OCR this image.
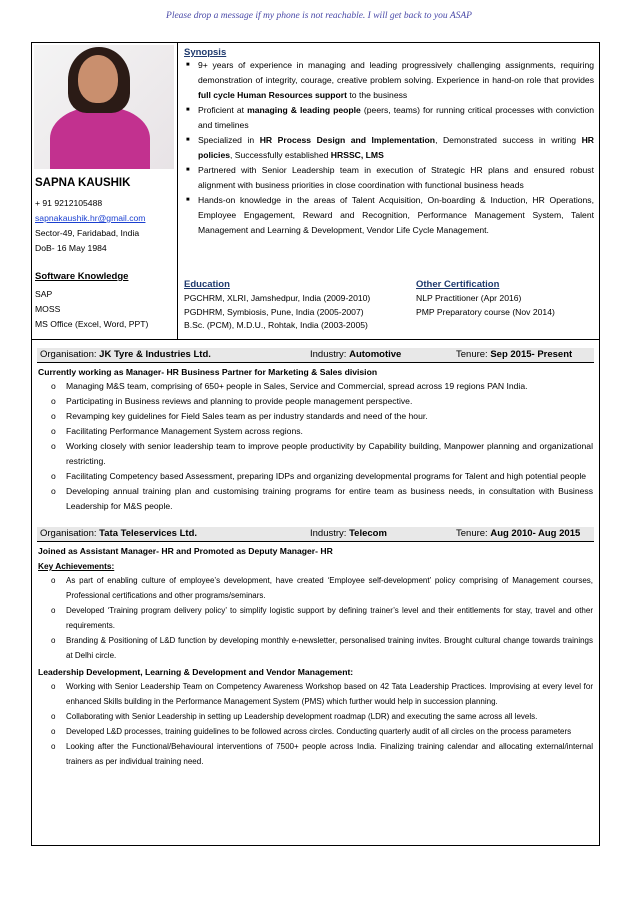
Please drop a message if my phone is not reachable. I will get back to you ASAP
SAPNA KAUSHIK
+ 91 9212105488
sapnakaushik.hr@gmail.com
Sector-49, Faridabad, India
DoB- 16 May 1984
Software Knowledge
SAP
MOSS
MS Office (Excel, Word, PPT)
Synopsis
■ 9+ years of experience in managing and leading progressively challenging assignments, requiring demonstration of integrity, courage, creative problem solving. Experience in hand-on role that provides full cycle Human Resources support to the business
■ Proficient at managing & leading people (peers, teams) for running critical processes with conviction and timelines
■ Specialized in HR Process Design and Implementation, Demonstrated success in writing HR policies, Successfully established HRSSC, LMS
■ Partnered with Senior Leadership team in execution of Strategic HR plans and ensured robust alignment with business priorities in close coordination with functional business heads
■ Hands-on knowledge in the areas of Talent Acquisition, On-boarding & Induction, HR Operations, Employee Engagement, Reward and Recognition, Performance Management System, Talent Management and Learning & Development, Vendor Life Cycle Management.
Education
PGCHRM, XLRI, Jamshedpur, India (2009-2010)
PGDHRM, Symbiosis, Pune, India (2005-2007)
B.Sc. (PCM), M.D.U., Rohtak, India (2003-2005)
Other Certification
NLP Practitioner (Apr 2016)
PMP Preparatory course (Nov 2014)
Organisation: JK Tyre & Industries Ltd.	Industry: Automotive	Tenure: Sep 2015- Present
Currently working as Manager- HR Business Partner for Marketing & Sales division
o	Managing M&S team, comprising of 650+ people in Sales, Service and Commercial, spread across 19 regions PAN India.
o	Participating in Business reviews and planning to provide people management perspective.
o	Revamping key guidelines for Field Sales team as per industry standards and need of the hour.
o	Facilitating Performance Management System across regions.
o	Working closely with senior leadership team to improve people productivity by Capability building, Manpower planning and organizational restricting.
o	Facilitating Competency based Assessment, preparing IDPs and organizing developmental programs for Talent and high potential people
o	Developing annual training plan and customising training programs for entire team as business needs, in consultation with Business Leadership for M&S people.
Organisation: Tata Teleservices Ltd.	Industry: Telecom	Tenure: Aug 2010- Aug 2015
Joined as Assistant Manager- HR and Promoted as Deputy Manager- HR
Key Achievements:
o	As part of enabling culture of employee’s development, have created ‘Employee self-development’ policy comprising of Management courses, Professional certifications and other programs/seminars.
o	Developed ‘Training program delivery policy’ to simplify logistic support by defining trainer’s level and their entitlements for stay, travel and other requirements.
o	Branding & Positioning of L&D function by developing monthly e-newsletter, personalised training invites. Brought cultural change towards trainings at Delhi circle.
Leadership Development, Learning & Development and Vendor Management:
o	Working with Senior Leadership Team on Competency Awareness Workshop based on 42 Tata Leadership Practices. Improvising at every level for enhanced Skills building in the Performance Management System (PMS) which further would help in succession planning.
o	Collaborating with Senior Leadership in setting up Leadership development roadmap (LDR) and executing the same across all levels.
o	Developed L&D processes, training guidelines to be followed across circles. Conducting quarterly audit of all circles on the process parameters
o	Looking after the Functional/Behavioural interventions of 7500+ people across India. Finalizing training calendar and allocating external/internal trainers as per individual training need.
